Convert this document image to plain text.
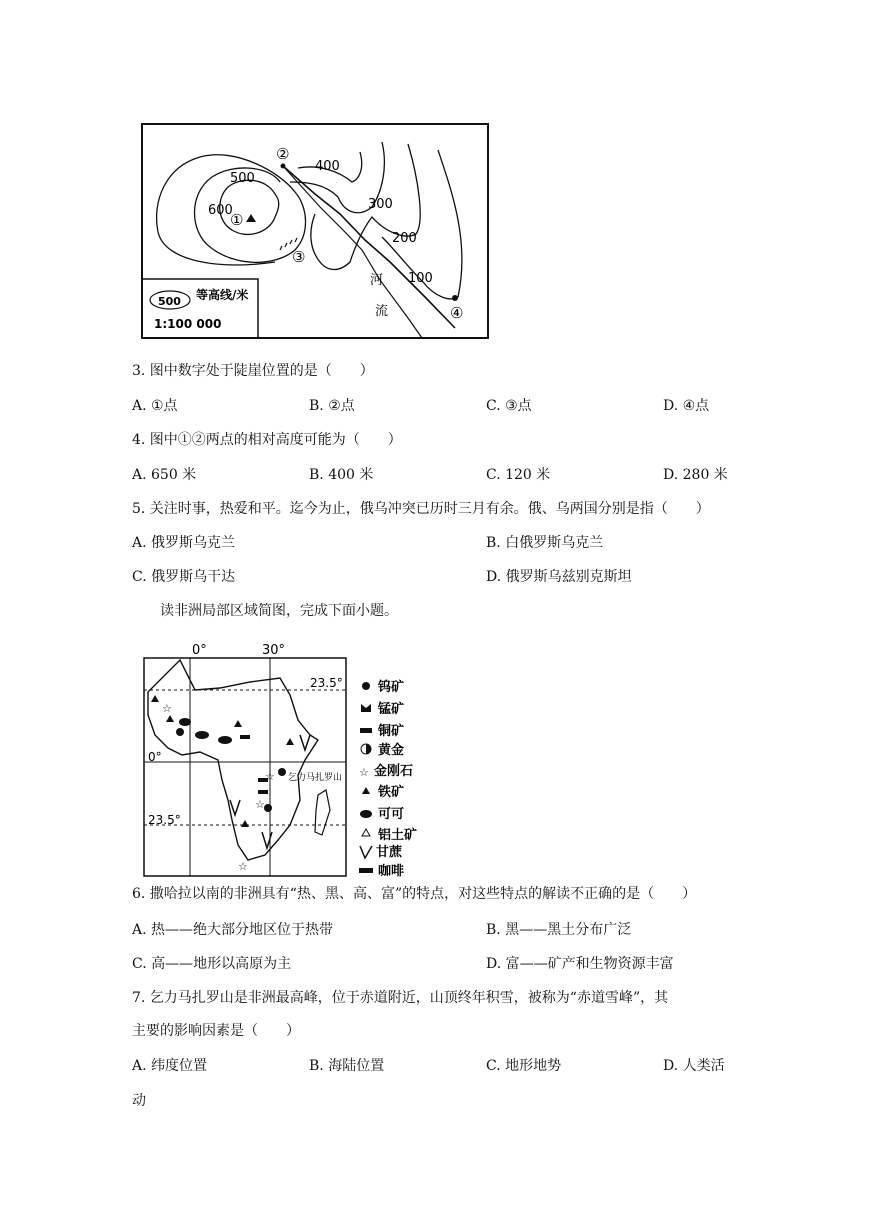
500
600
400
300
200
100
①
②
③
④
河
流
500 等高线/米
1:100 000
3. 图中数字处于陡崖位置的是（　　）
A. ①点	B. ②点	C. ③点	D. ④点
4. 图中①②两点的相对高度可能为（　　）
A. 650 米	B. 400 米	C. 120 米	D. 280 米
5. 关注时事，热爱和平。迄今为止，俄乌冲突已历时三月有余。俄、乌两国分别是指（　　）
A. 俄罗斯乌克兰	B. 白俄罗斯乌克兰
C. 俄罗斯乌干达	D. 俄罗斯乌兹别克斯坦
读非洲局部区域简图，完成下面小题。
☆
☆
☆
☆
0°	30°
23.5°
0°
23.5°
乞力马扎罗山 ☆
钨矿
锰矿
铜矿
黄金
金刚石
铁矿
可可
铝土矿
甘蔗
咖啡
6. 撒哈拉以南的非洲具有“热、黑、高、富”的特点，对这些特点的解读不正确的是（　　）
A. 热——绝大部分地区位于热带	B. 黑——黑土分布广泛
C. 高——地形以高原为主	D. 富——矿产和生物资源丰富
7. 乞力马扎罗山是非洲最高峰，位于赤道附近，山顶终年积雪，被称为“赤道雪峰”，其
主要的影响因素是（　　）
A. 纬度位置	B. 海陆位置	C. 地形地势	D. 人类活
动
